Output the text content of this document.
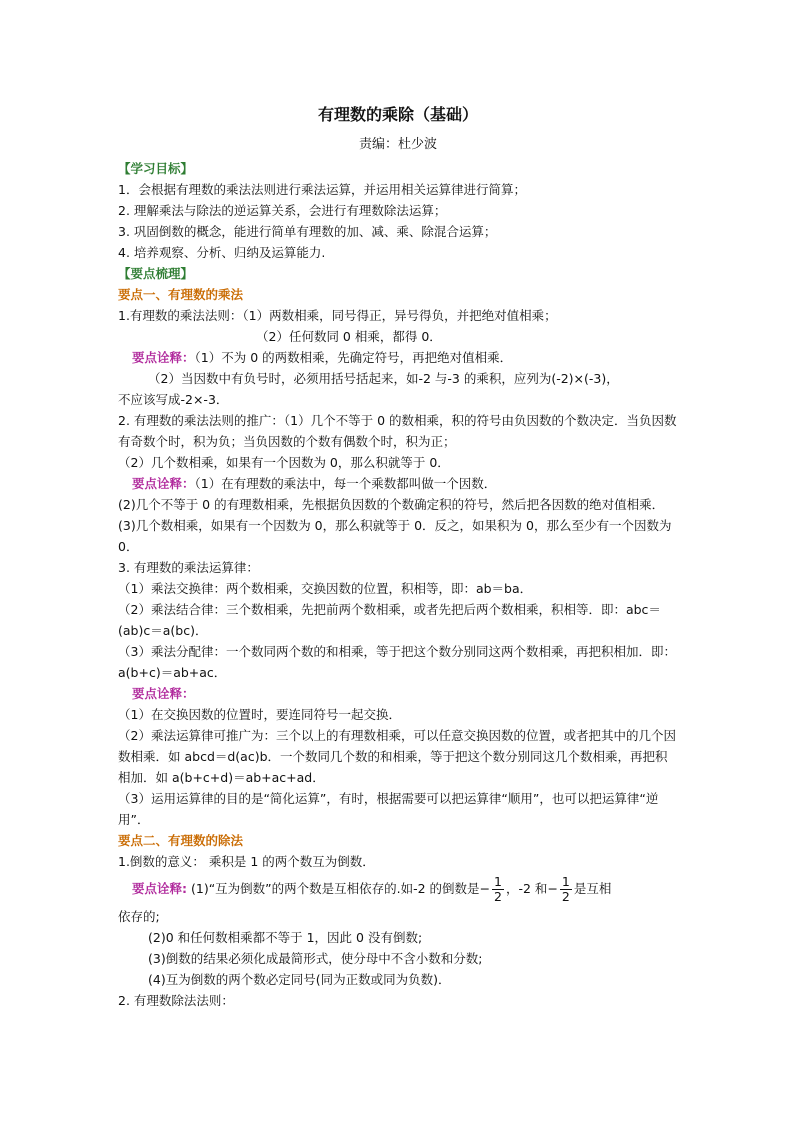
有理数的乘除（基础）
责编：杜少波
【学习目标】
1．会根据有理数的乘法法则进行乘法运算，并运用相关运算律进行简算；
2. 理解乘法与除法的逆运算关系，会进行有理数除法运算；
3. 巩固倒数的概念，能进行简单有理数的加、减、乘、除混合运算；
4. 培养观察、分析、归纳及运算能力.
【要点梳理】
要点一、有理数的乘法
1.有理数的乘法法则：（1）两数相乘，同号得正，异号得负，并把绝对值相乘；
（2）任何数同 0 相乘，都得 0．
要点诠释：（1）不为 0 的两数相乘，先确定符号，再把绝对值相乘．
（2）当因数中有负号时，必须用括号括起来，如-2 与-3 的乘积，应列为(-2)×(-3)，
不应该写成-2×-3．
2. 有理数的乘法法则的推广：（1）几个不等于 0 的数相乘，积的符号由负因数的个数决定．当负因数有奇数个时，积为负；当负因数的个数有偶数个时，积为正；
（2）几个数相乘，如果有一个因数为 0，那么积就等于 0．
要点诠释：（1）在有理数的乘法中，每一个乘数都叫做一个因数．
(2)几个不等于 0 的有理数相乘，先根据负因数的个数确定积的符号，然后把各因数的绝对值相乘．
(3)几个数相乘，如果有一个因数为 0，那么积就等于 0．反之，如果积为 0，那么至少有一个因数为 0．
3. 有理数的乘法运算律：
（1）乘法交换律：两个数相乘，交换因数的位置，积相等，即：ab＝ba．
（2）乘法结合律：三个数相乘，先把前两个数相乘，或者先把后两个数相乘，积相等．即：abc＝(ab)c＝a(bc)．
（3）乘法分配律：一个数同两个数的和相乘，等于把这个数分别同这两个数相乘，再把积相加．即：a(b+c)＝ab+ac．
要点诠释：
（1）在交换因数的位置时，要连同符号一起交换．
（2）乘法运算律可推广为：三个以上的有理数相乘，可以任意交换因数的位置，或者把其中的几个因数相乘．如 abcd＝d(ac)b．一个数同几个数的和相乘，等于把这个数分别同这几个数相乘，再把积相加．如 a(b+c+d)＝ab+ac+ad．
（3）运用运算律的目的是“简化运算”，有时，根据需要可以把运算律“顺用”，也可以把运算律“逆用”．
要点二、有理数的除法
1.倒数的意义： 乘积是 1 的两个数互为倒数．
要点诠释: (1)“互为倒数”的两个数是互相依存的.如-2 的倒数是− $\frac{1}{2}$ ，-2 和− $\frac{1}{2}$ 是互相
依存的;
(2)0 和任何数相乘都不等于 1，因此 0 没有倒数;
(3)倒数的结果必须化成最简形式，使分母中不含小数和分数;
(4)互为倒数的两个数必定同号(同为正数或同为负数)．
2. 有理数除法法则：
